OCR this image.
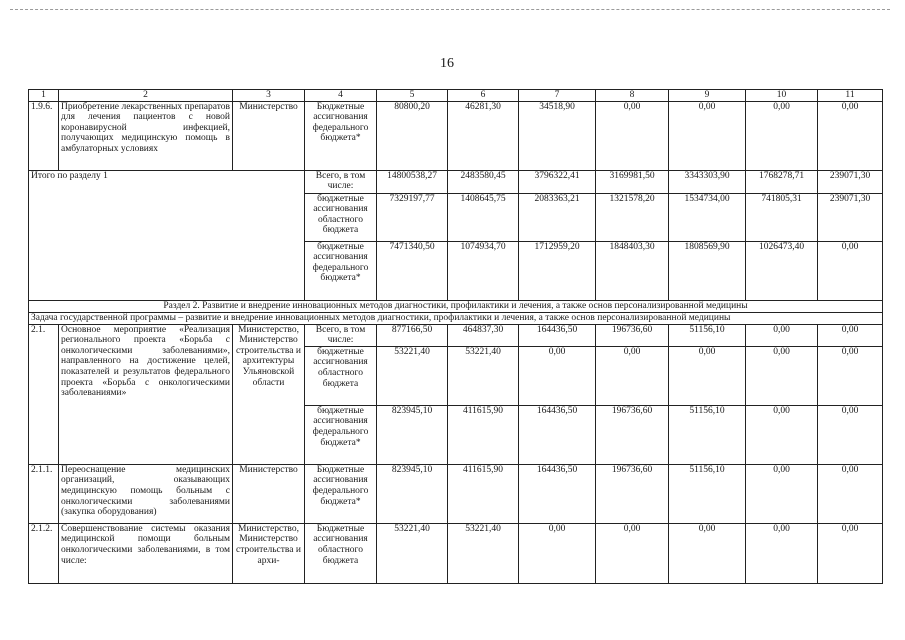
16
1	2	3	4	5	6	7	8	9	10	11
1.9.6.	Приобретение лекарственных препаратов для лечения пациентов с новой коронавирусной инфекцией, получающих медицинскую помощь в амбулаторных условиях	Министерство	Бюджетные ассигнования федерального бюджета*	80800,20	46281,30	34518,90	0,00	0,00	0,00	0,00
Итого по разделу 1			Всего, в том числе:	14800538,27	2483580,45	3796322,41	3169981,50	3343303,90	1768278,71	239071,30
			бюджетные ассигнования областного бюджета	7329197,77	1408645,75	2083363,21	1321578,20	1534734,00	741805,31	239071,30
			бюджетные ассигнования федерального бюджета*	7471340,50	1074934,70	1712959,20	1848403,30	1808569,90	1026473,40	0,00
Раздел 2. Развитие и внедрение инновационных методов диагностики, профилактики и лечения, а также основ персонализированной медицины										
Задача государственной программы – развитие и внедрение инновационных методов диагностики, профилактики и лечения, а также основ персонализированной медицины										
2.1.	Основное мероприятие «Реализация регионального проекта «Борьба с онкологическими заболеваниями», направленного на достижение целей, показателей и результатов федерального проекта «Борьба с онкологическими заболеваниями»	Министерство, Министерство строительства и архитектуры Ульяновской области	Всего, в том числе:	877166,50	464837,30	164436,50	196736,60	51156,10	0,00	0,00
			бюджетные ассигнования областного бюджета	53221,40	53221,40	0,00	0,00	0,00	0,00	0,00
			бюджетные ассигнования федерального бюджета*	823945,10	411615,90	164436,50	196736,60	51156,10	0,00	0,00
2.1.1.	Переоснащение медицинских организаций, оказывающих медицинскую помощь больным с онкологическими заболеваниями (закупка оборудования)	Министерство	Бюджетные ассигнования федерального бюджета*	823945,10	411615,90	164436,50	196736,60	51156,10	0,00	0,00
2.1.2.	Совершенствование системы оказания медицинской помощи больным онкологическими заболеваниями, в том числе:	Министерство, Министерство строительства и архи-	Бюджетные ассигнования областного бюджета	53221,40	53221,40	0,00	0,00	0,00	0,00	0,00
